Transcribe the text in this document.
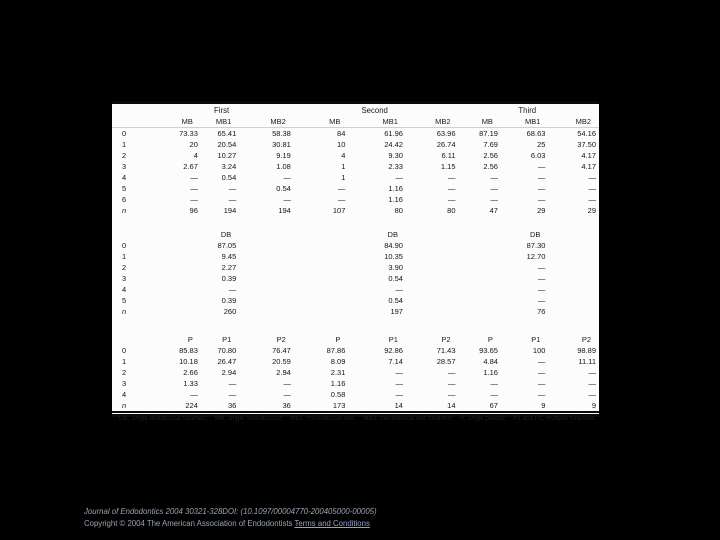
	First			Second			Third		
	MB	MB1	MB2	MB	MB1	MB2	MB	MB1	MB2
0	73.33	65.41	58.38	84	61.96	63.96	87.19	68.63	54.16
1	20	20.54	30.81	10	24.42	26.74	7.69	25	37.50
2	4	10.27	9.19	4	9.30	6.11	2.56	6.03	4.17
3	2.67	3.24	1.08	1	2.33	1.15	2.56	—	4.17
4	—	0.54	—	1	—	—	—	—	—
5	—	—	0.54	—	1.16	—	—	—	—
6	—	—	—	—	1.16	—	—	—	—
n	96	194	194	107	80	80	47	29	29

		DB			DB			DB	
0		87.05			84.90			87.30	
1		9.45			10.35			12.70	
2		2.27			3.90			—	
3		0.39			0.54			—	
4		—			—			—	
5		0.39			0.54			—	
n		260			197			76	

	P	P1	P2	P	P1	P2	P	P1	P2
0	85.83	70.80	76.47	87.86	92.86	71.43	93.65	100	98.89
1	10.18	26.47	20.59	8.09	7.14	28.57	4.84	—	11.11
2	2.66	2.94	2.94	2.31	—	—	1.16	—	—
3	1.33	—	—	1.16	—	—	—	—	—
4	—	—	—	0.58	—	—	—	—	—
n	224	36	36	173	14	14	67	9	9
DB, single distobuccal foramen; MB, single mesiobuccal; MB1, mesiobuccal one; MB2, mesiobuccal two foramen; P, single palatal; P1 and P2, multiple foramina
Journal of Endodontics 2004 30321-328DOI: (10.1097/00004770-200405000-00005)
Copyright © 2004 The American Association of Endodontists Terms and Conditions
